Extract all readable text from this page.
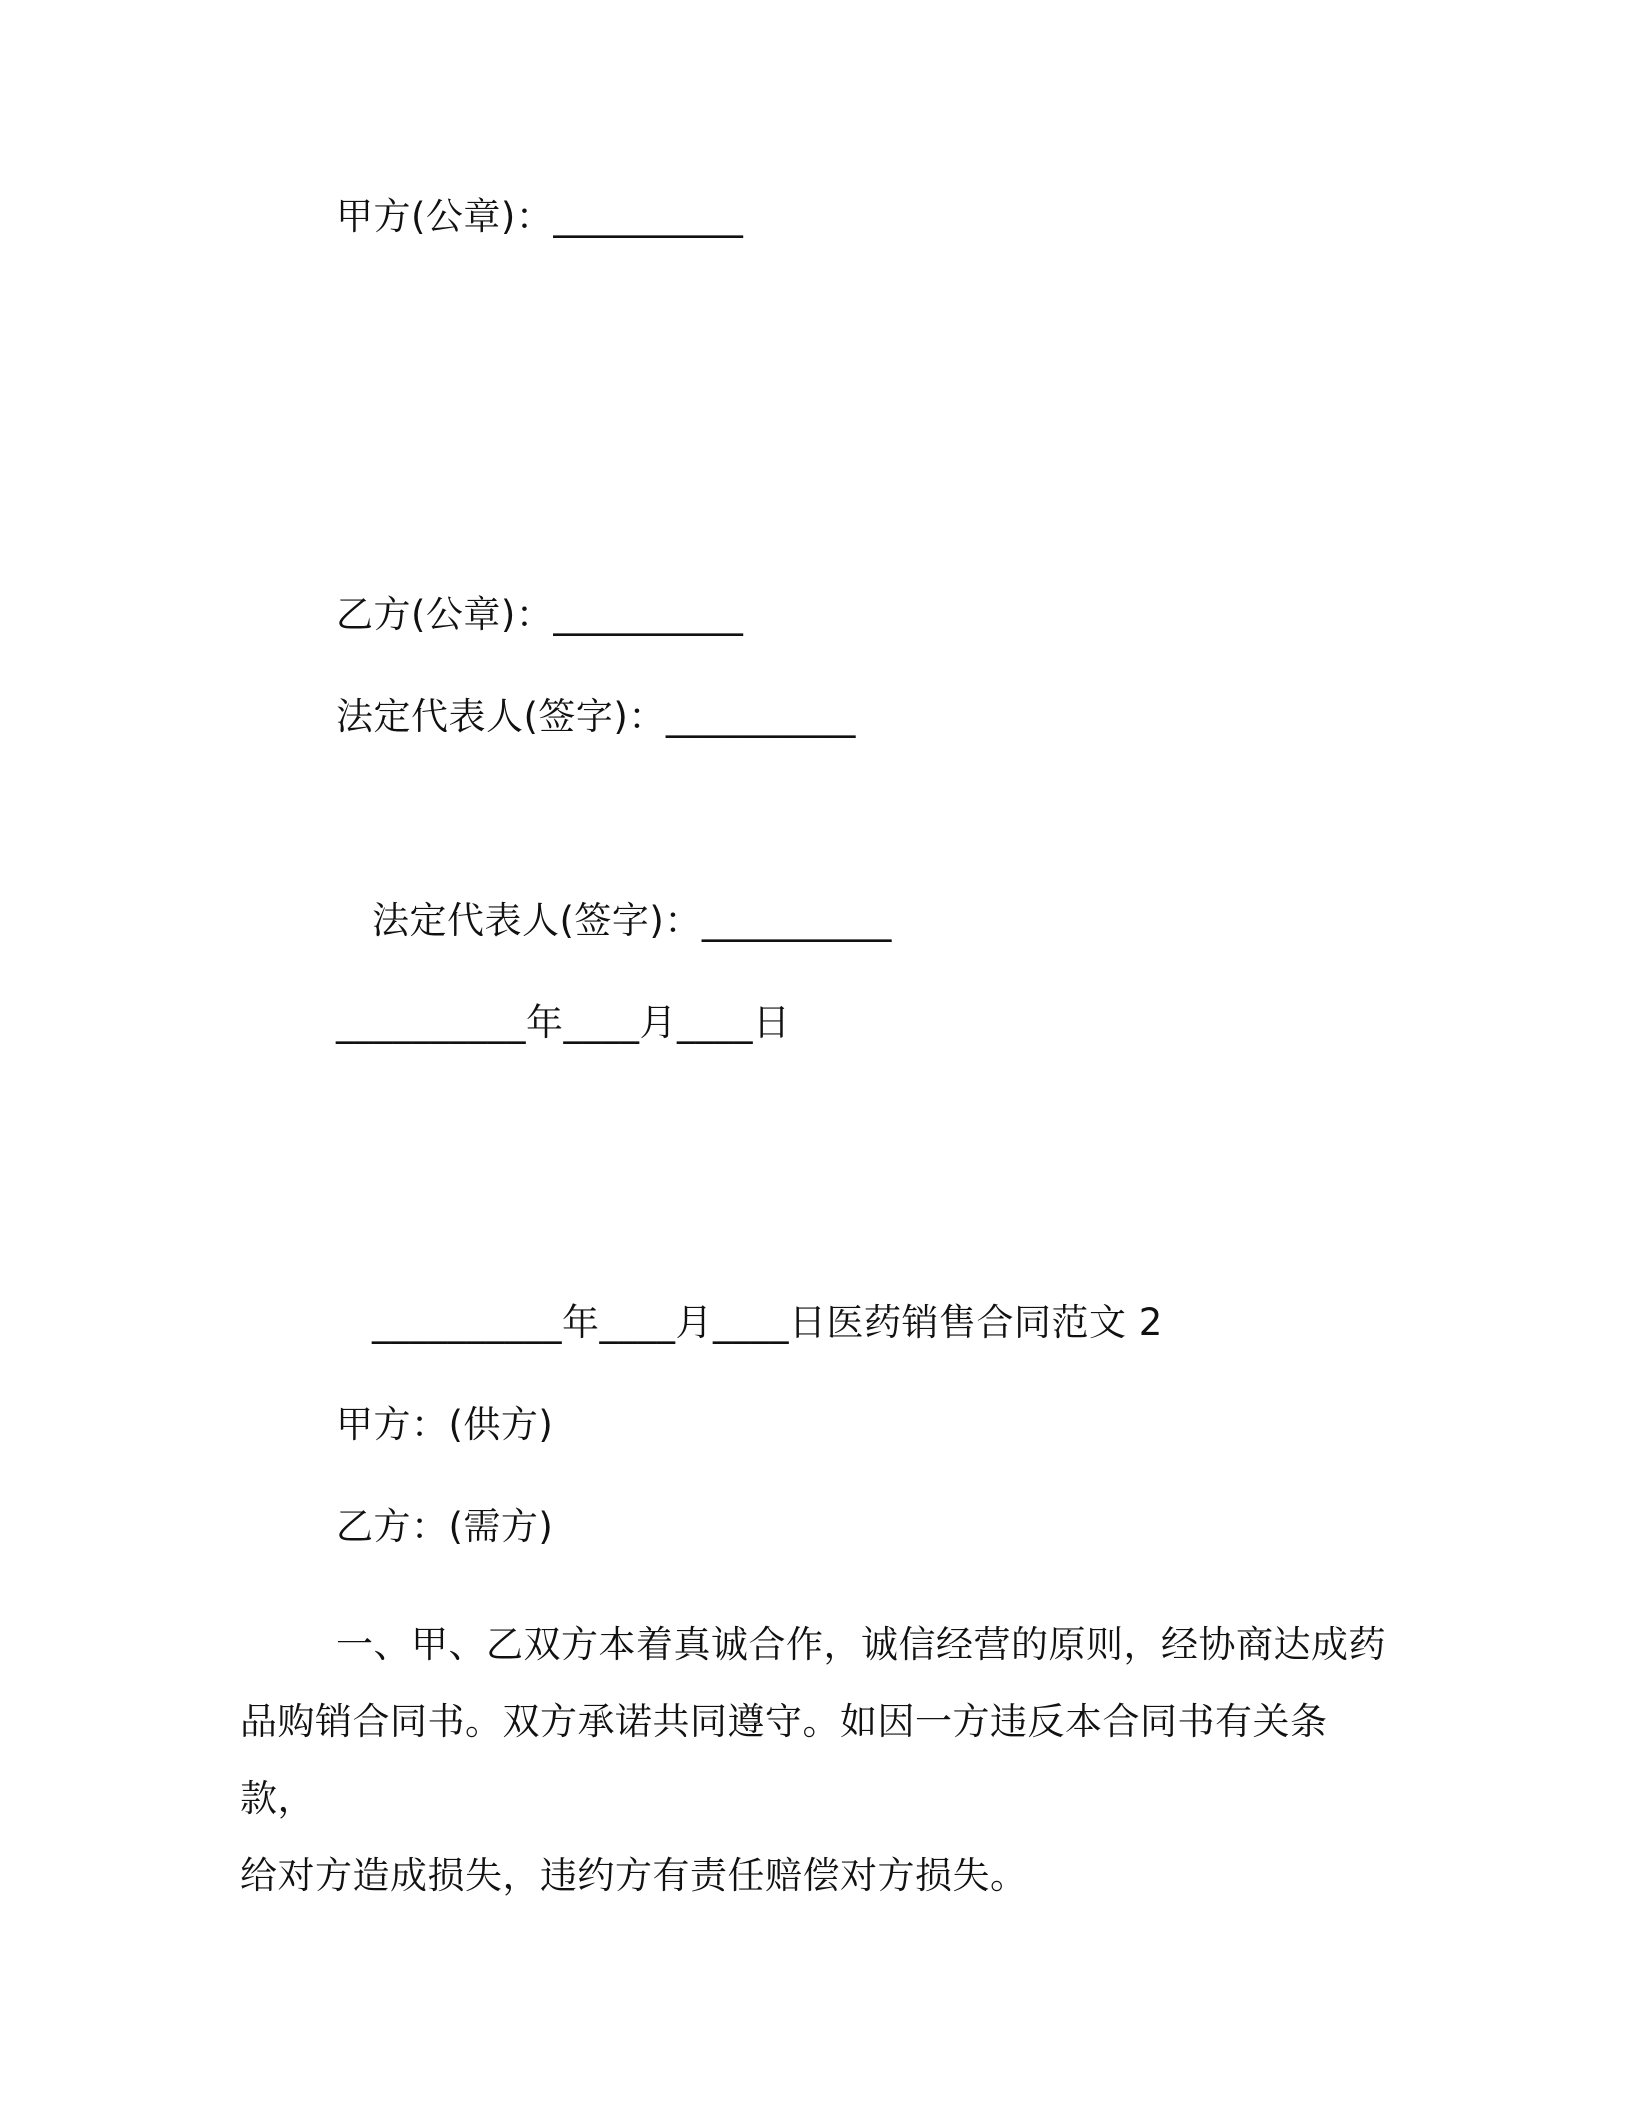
甲方(公章)：__________
乙方(公章)：__________
法定代表人(签字)：__________
法定代表人(签字)：__________
__________年____月____日
__________年____月____日医药销售合同范文 2
甲方：(供方)
乙方：(需方)
一、甲、乙双方本着真诚合作，诚信经营的原则，经协商达成药
品购销合同书。双方承诺共同遵守。如因一方违反本合同书有关条款，
给对方造成损失，违约方有责任赔偿对方损失。
